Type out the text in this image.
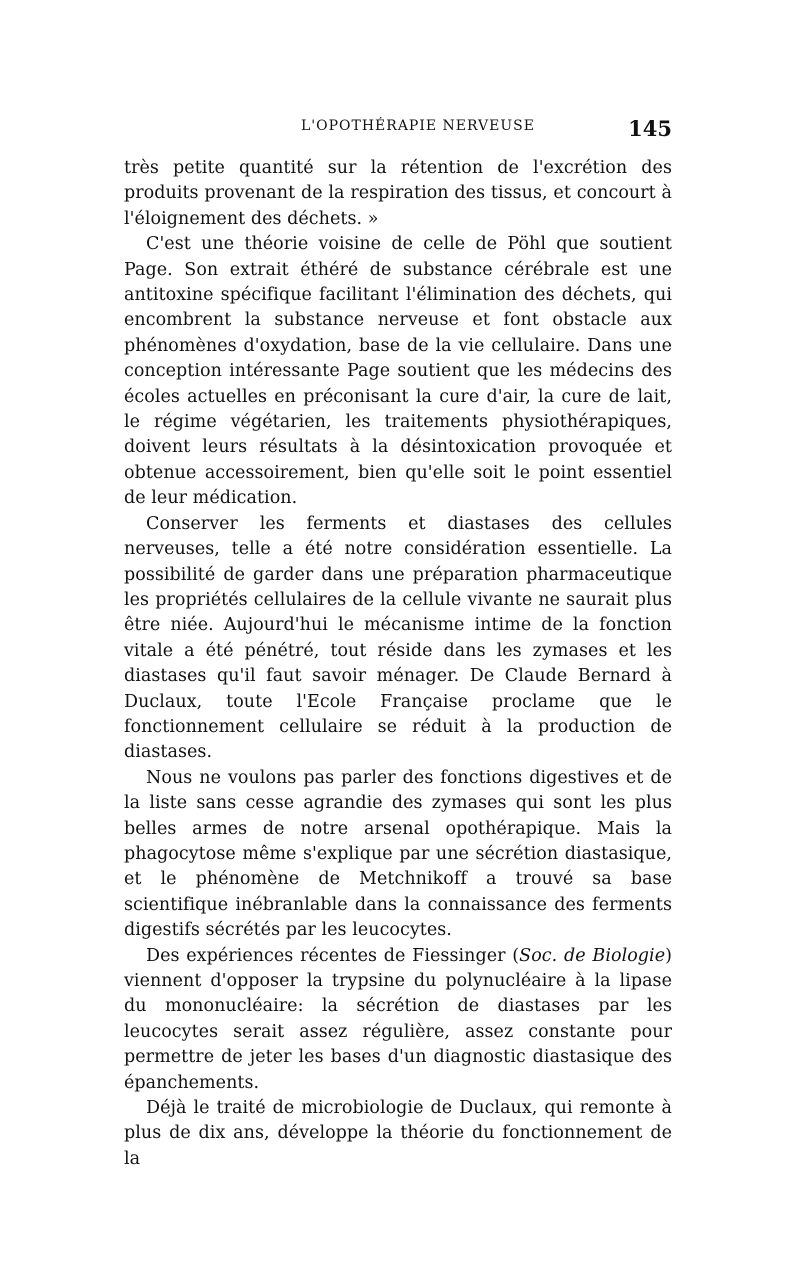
L'OPOTHÉRAPIE NERVEUSE	145

très petite quantité sur la rétention de l'excrétion des produits provenant de la respiration des tissus, et concourt à l'éloignement des déchets. »

C'est une théorie voisine de celle de Pöhl que soutient Page. Son extrait éthéré de substance cérébrale est une antitoxine spécifique facilitant l'élimination des déchets, qui encombrent la substance nerveuse et font obstacle aux phénomènes d'oxydation, base de la vie cellulaire. Dans une conception intéressante Page soutient que les médecins des écoles actuelles en préconisant la cure d'air, la cure de lait, le régime végétarien, les traitements physiothérapiques, doivent leurs résultats à la désintoxication provoquée et obtenue accessoirement, bien qu'elle soit le point essentiel de leur médication.

Conserver les ferments et diastases des cellules nerveuses, telle a été notre considération essentielle. La possibilité de garder dans une préparation pharmaceutique les propriétés cellulaires de la cellule vivante ne saurait plus être niée. Aujourd'hui le mécanisme intime de la fonction vitale a été pénétré, tout réside dans les zymases et les diastases qu'il faut savoir ménager. De Claude Bernard à Duclaux, toute l'Ecole Française proclame que le fonctionnement cellulaire se réduit à la production de diastases.

Nous ne voulons pas parler des fonctions digestives et de la liste sans cesse agrandie des zymases qui sont les plus belles armes de notre arsenal opothérapique. Mais la phagocytose même s'explique par une sécrétion diastasique, et le phénomène de Metchnikoff a trouvé sa base scientifique inébranlable dans la connaissance des ferments digestifs sécrétés par les leucocytes.

Des expériences récentes de Fiessinger (Soc. de Biologie) viennent d'opposer la trypsine du polynucléaire à la lipase du mononucléaire: la sécrétion de diastases par les leucocytes serait assez régulière, assez constante pour permettre de jeter les bases d'un diagnostic diastasique des épanchements.

Déjà le traité de microbiologie de Duclaux, qui remonte à plus de dix ans, développe la théorie du fonctionnement de la
